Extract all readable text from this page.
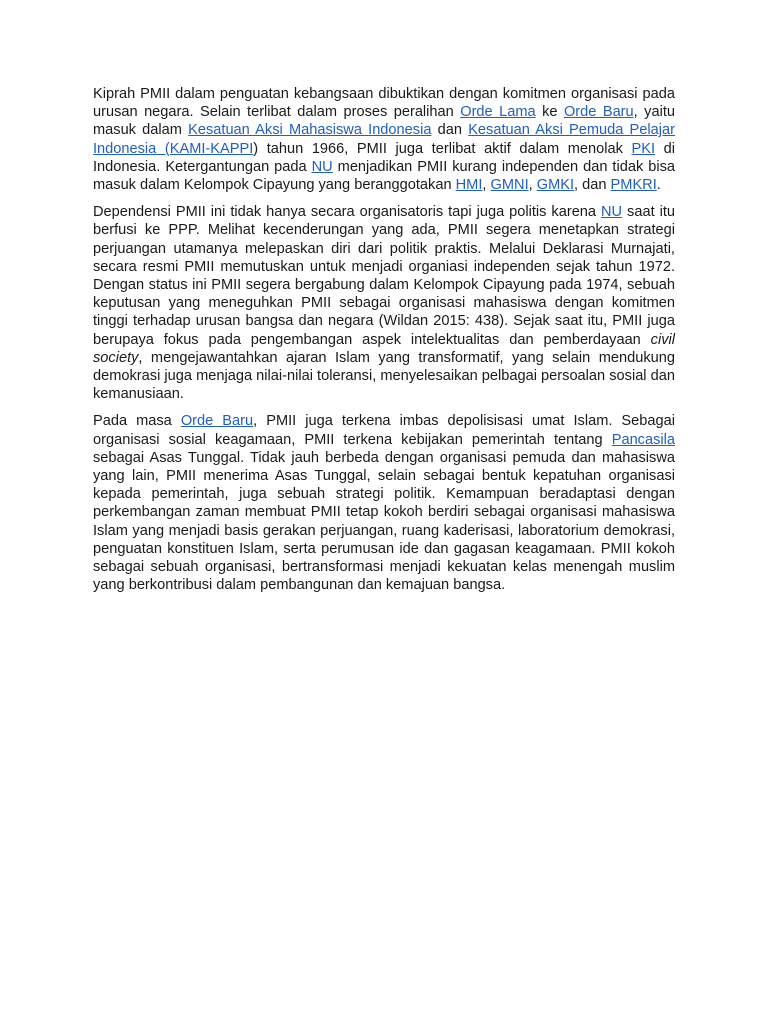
Kiprah PMII dalam penguatan kebangsaan dibuktikan dengan komitmen organisasi pada urusan negara. Selain terlibat dalam proses peralihan Orde Lama ke Orde Baru, yaitu masuk dalam Kesatuan Aksi Mahasiswa Indonesia dan Kesatuan Aksi Pemuda Pelajar Indonesia (KAMI-KAPPI) tahun 1966, PMII juga terlibat aktif dalam menolak PKI di Indonesia. Ketergantungan pada NU menjadikan PMII kurang independen dan tidak bisa masuk dalam Kelompok Cipayung yang beranggotakan HMI, GMNI, GMKI, dan PMKRI.

Dependensi PMII ini tidak hanya secara organisatoris tapi juga politis karena NU saat itu berfusi ke PPP. Melihat kecenderungan yang ada, PMII segera menetapkan strategi perjuangan utamanya melepaskan diri dari politik praktis. Melalui Deklarasi Murnajati, secara resmi PMII memutuskan untuk menjadi organiasi independen sejak tahun 1972. Dengan status ini PMII segera bergabung dalam Kelompok Cipayung pada 1974, sebuah keputusan yang meneguhkan PMII sebagai organisasi mahasiswa dengan komitmen tinggi terhadap urusan bangsa dan negara (Wildan 2015: 438). Sejak saat itu, PMII juga berupaya fokus pada pengembangan aspek intelektualitas dan pemberdayaan civil society, mengejawantahkan ajaran Islam yang transformatif, yang selain mendukung demokrasi juga menjaga nilai-nilai toleransi, menyelesaikan pelbagai persoalan sosial dan kemanusiaan.

Pada masa Orde Baru, PMII juga terkena imbas depolisisasi umat Islam. Sebagai organisasi sosial keagamaan, PMII terkena kebijakan pemerintah tentang Pancasila sebagai Asas Tunggal. Tidak jauh berbeda dengan organisasi pemuda dan mahasiswa yang lain, PMII menerima Asas Tunggal, selain sebagai bentuk kepatuhan organisasi kepada pemerintah, juga sebuah strategi politik. Kemampuan beradaptasi dengan perkembangan zaman membuat PMII tetap kokoh berdiri sebagai organisasi mahasiswa Islam yang menjadi basis gerakan perjuangan, ruang kaderisasi, laboratorium demokrasi, penguatan konstituen Islam, serta perumusan ide dan gagasan keagamaan. PMII kokoh sebagai sebuah organisasi, bertransformasi menjadi kekuatan kelas menengah muslim yang berkontribusi dalam pembangunan dan kemajuan bangsa.
